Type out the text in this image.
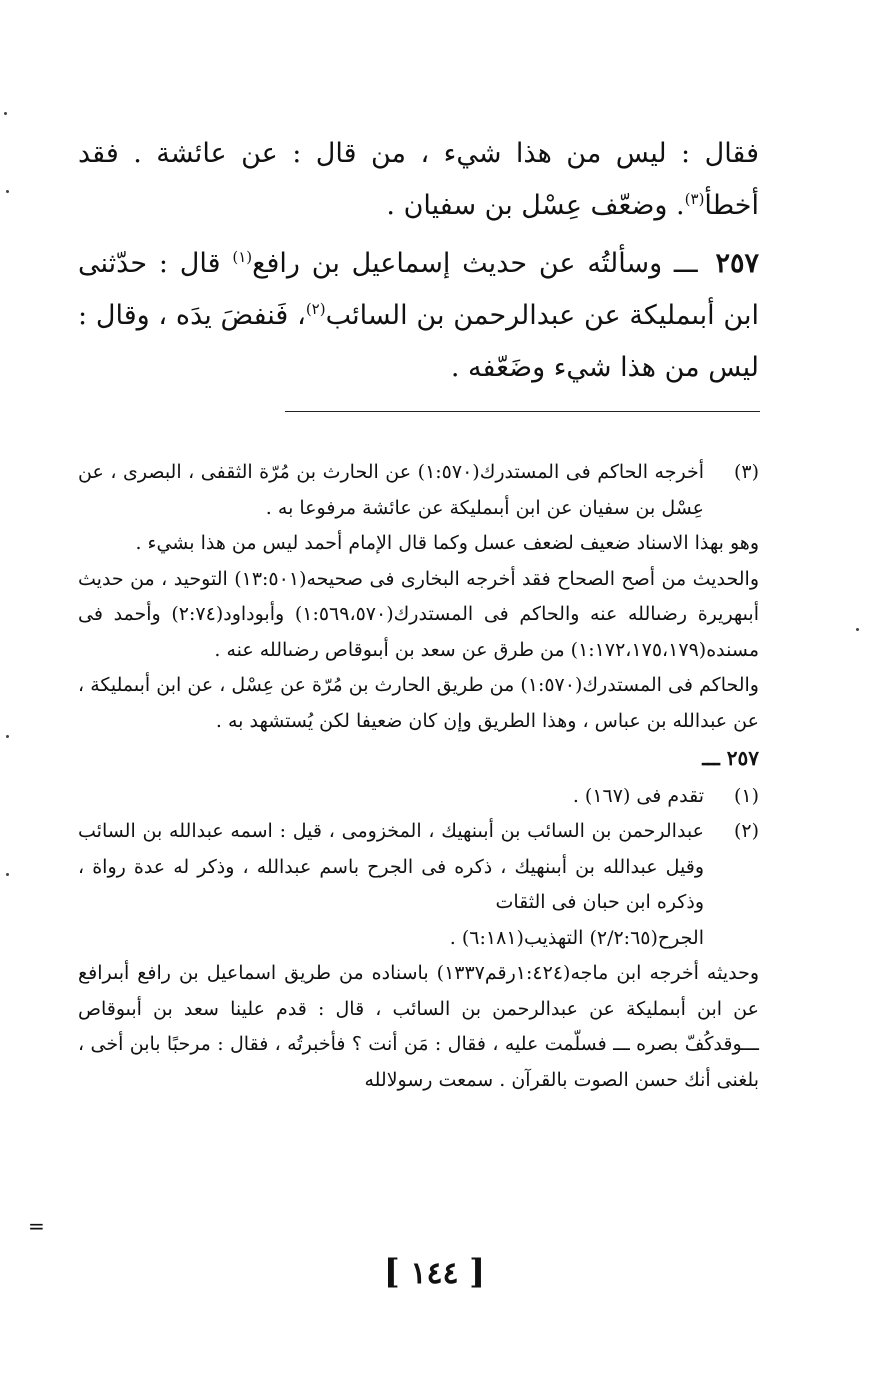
فقال : ليس من هذا شيء ، من قال : عن عائشة . فقد أخطأ$^{(٣)}$. وضعّف عِسْل بن سفيان .

٢٥٧ ـــ وسألتُه عن حديث إسماعيل بن رافع$^{(١)}$ قال : حدّثنى ابن أبىمليكة عن عبدالرحمن بن السائب$^{(٢)}$، فَنفضَ يدَه ، وقال : ليس من هذا شيء وضَعّفه .

(٣)
أخرجه الحاكم فى المستدرك(١:٥٧٠) عن الحارث بن مُرّة الثقفى ، البصرى ، عن عِسْل بن سفيان عن ابن أبىمليكة عن عائشة مرفوعا به .
وهو بهذا الاسناد ضعيف لضعف عسل وكما قال الإمام أحمد ليس من هذا بشيء .
والحديث من أصح الصحاح فقد أخرجه البخارى فى صحيحه(١٣:٥٠١) التوحيد ، من حديث أبىهريرة رضىالله عنه والحاكم فى المستدرك(١:٥٦٩،٥٧٠) وأبوداود(٢:٧٤) وأحمد فى مسنده(١:١٧٢،١٧٥،١٧٩) من طرق عن سعد بن أبىوقاص رضىالله عنه .
والحاكم فى المستدرك(١:٥٧٠) من طريق الحارث بن مُرّة عن عِسْل ، عن ابن أبىمليكة ، عن عبدالله بن عباس ، وهذا الطريق وإن كان ضعيفا لكن يُستشهد به .
٢٥٧ ـــ
(١)
تقدم فى (١٦٧) .
(٢)
عبدالرحمن بن السائب بن أبىنهيك ، المخزومى ، قيل : اسمه عبدالله بن السائب وقيل عبدالله بن أبىنهيك ، ذكره فى الجرح باسم عبدالله ، وذكر له عدة رواة ، وذكره ابن حبان فى الثقات
الجرح(٢/٢:٦٥) التهذيب(٦:١٨١) .
وحديثه أخرجه ابن ماجه(١:٤٢٤رقم١٣٣٧) باسناده من طريق اسماعيل بن رافع أبىرافع عن ابن أبىمليكة عن عبدالرحمن بن السائب ، قال : قدم علينا سعد بن أبىوقاص ـــوقدكُفّ بصره ـــ فسلّمت عليه ، فقال : مَن أنت ؟ فأخبرتُه ، فقال : مرحبًا بابن أخى ، بلغنى أنك حسن الصوت بالقرآن . سمعت رسولالله
[ ١٤٤ ]
=
